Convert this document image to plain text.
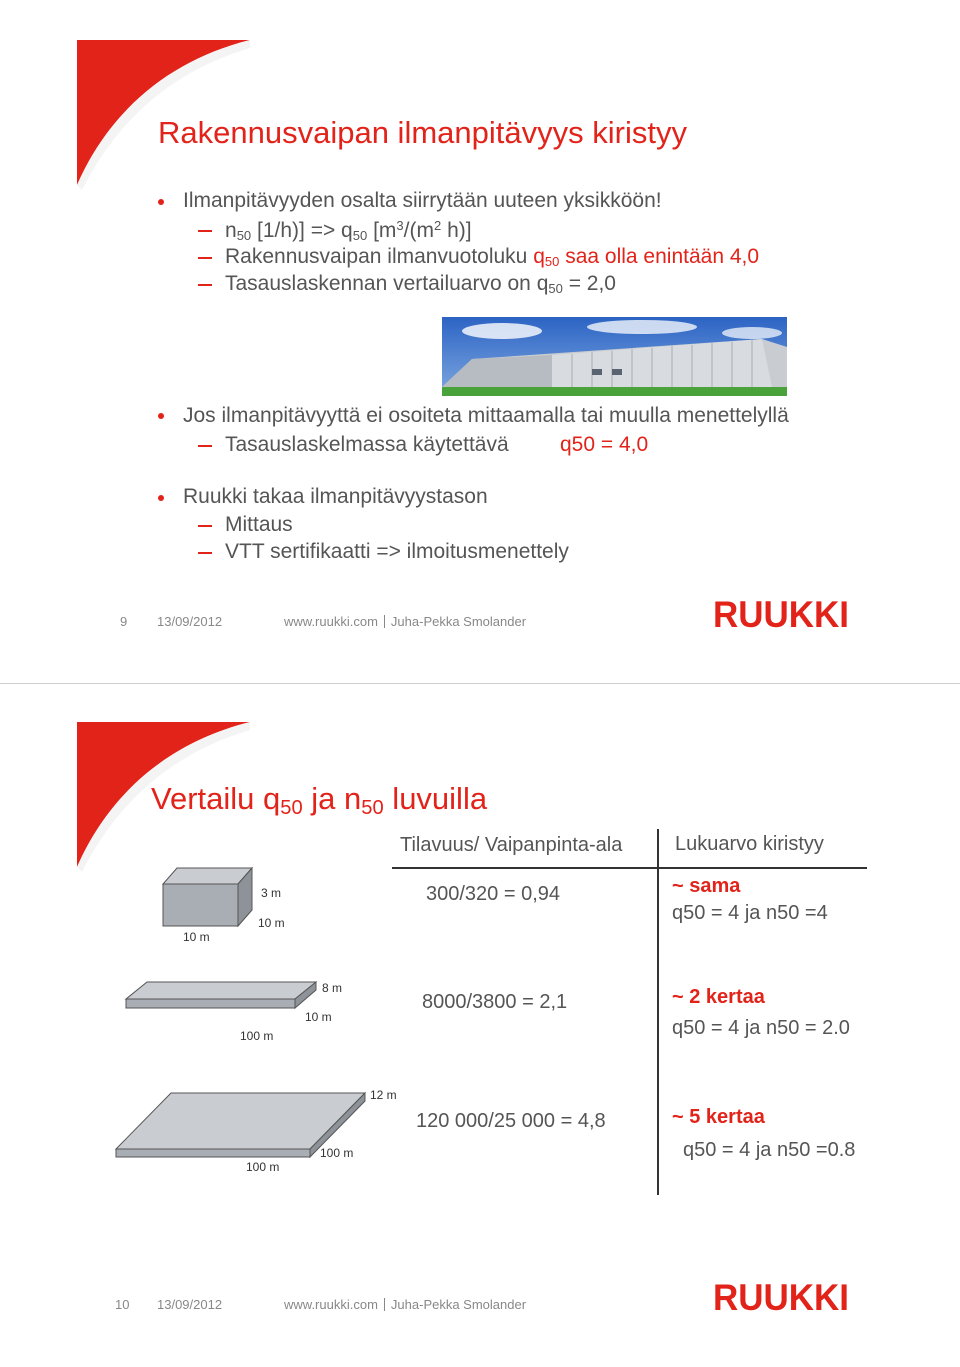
Rakennusvaipan ilmanpitävyys kiristyy
Ilmanpitävyyden osalta siirrytään uuteen yksikköön!
$n_{50}$ $[1/h)] => q_{50}$ [$m^3/(m^2$ h)]
Rakennusvaipan ilmanvuotoluku $q_{50}$ saa olla enintään 4,0
Tasauslaskennan vertailuarvo on $q_{50} = 2,0$
Jos ilmanpitävyyttä ei osoiteta mittaamalla tai muulla menettelyllä
Tasauslaskelmassa käytettävä q50 = 4,0
Ruukki takaa ilmanpitävyystason
Mittaus
VTT sertifikaatti => ilmoitusmenettely
9 13/09/2012	www.ruukki.com Juha-Pekka Smolander	RUUKKI
Vertailu q50 ja n50 luvuilla
Tilavuus/ Vaipanpinta-ala	Lukuarvo kiristyy
3 m
10 m
10 m
300/320 = 0,94	~ sama
q50 = 4 ja n50 =4
8 m
10 m
100 m
8000/3800 = 2,1	~ 2 kertaa
q50 = 4 ja n50 = 2.0
12 m
100 m
100 m
120 000/25 000 = 4,8	~ 5 kertaa
q50 = 4 ja n50 =0.8
10 13/09/2012	www.ruukki.com Juha-Pekka Smolander	RUUKKI
